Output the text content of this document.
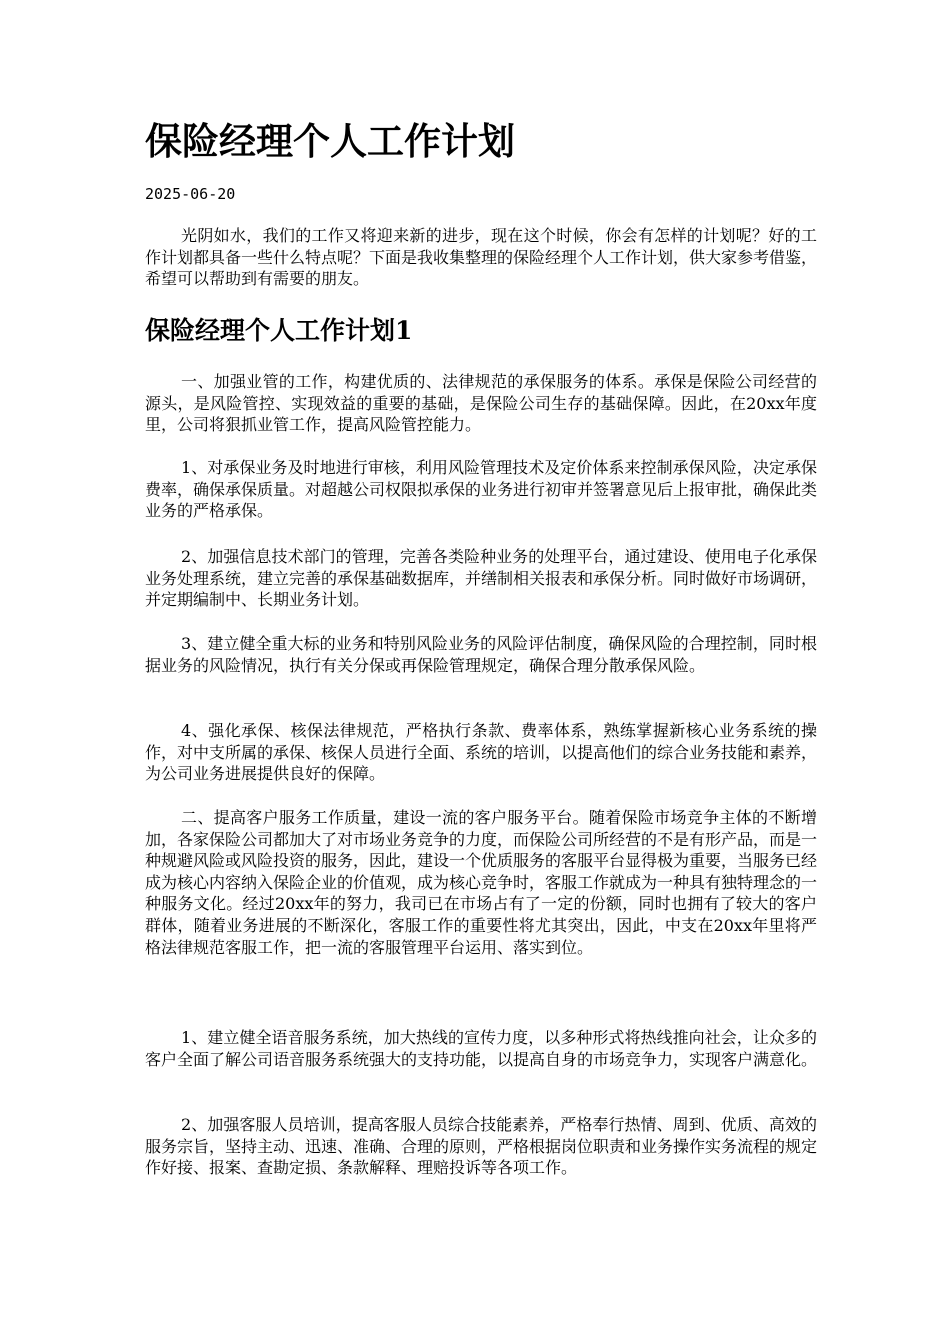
保险经理个人工作计划
2025-06-20

光阴如水，我们的工作又将迎来新的进步，现在这个时候，你会有怎样的计划呢？好的工作计划都具备一些什么特点呢？下面是我收集整理的保险经理个人工作计划，供大家参考借鉴，希望可以帮助到有需要的朋友。

保险经理个人工作计划1

一、加强业管的工作，构建优质的、法律规范的承保服务的体系。承保是保险公司经营的源头，是风险管控、实现效益的重要的基础，是保险公司生存的基础保障。因此，在20xx年度里，公司将狠抓业管工作，提高风险管控能力。

1、对承保业务及时地进行审核，利用风险管理技术及定价体系来控制承保风险，决定承保费率，确保承保质量。对超越公司权限拟承保的业务进行初审并签署意见后上报审批，确保此类业务的严格承保。

2、加强信息技术部门的管理，完善各类险种业务的处理平台，通过建设、使用电子化承保业务处理系统，建立完善的承保基础数据库，并缮制相关报表和承保分析。同时做好市场调研，并定期编制中、长期业务计划。

3、建立健全重大标的业务和特别风险业务的风险评估制度，确保风险的合理控制，同时根据业务的风险情况，执行有关分保或再保险管理规定，确保合理分散承保风险。

4、强化承保、核保法律规范，严格执行条款、费率体系，熟练掌握新核心业务系统的操作，对中支所属的承保、核保人员进行全面、系统的培训，以提高他们的综合业务技能和素养，为公司业务进展提供良好的保障。

二、提高客户服务工作质量，建设一流的客户服务平台。随着保险市场竞争主体的不断增加，各家保险公司都加大了对市场业务竞争的力度，而保险公司所经营的不是有形产品，而是一种规避风险或风险投资的服务，因此，建设一个优质服务的客服平台显得极为重要，当服务已经成为核心内容纳入保险企业的价值观，成为核心竞争时，客服工作就成为一种具有独特理念的一种服务文化。经过20xx年的努力，我司已在市场占有了一定的份额，同时也拥有了较大的客户群体，随着业务进展的不断深化，客服工作的重要性将尤其突出，因此，中支在20xx年里将严格法律规范客服工作，把一流的客服管理平台运用、落实到位。

1、建立健全语音服务系统，加大热线的宣传力度，以多种形式将热线推向社会，让众多的客户全面了解公司语音服务系统强大的支持功能，以提高自身的市场竞争力，实现客户满意化。

2、加强客服人员培训，提高客服人员综合技能素养，严格奉行热情、周到、优质、高效的服务宗旨，坚持主动、迅速、准确、合理的原则，严格根据岗位职责和业务操作实务流程的规定作好接、报案、查勘定损、条款解释、理赔投诉等各项工作。
